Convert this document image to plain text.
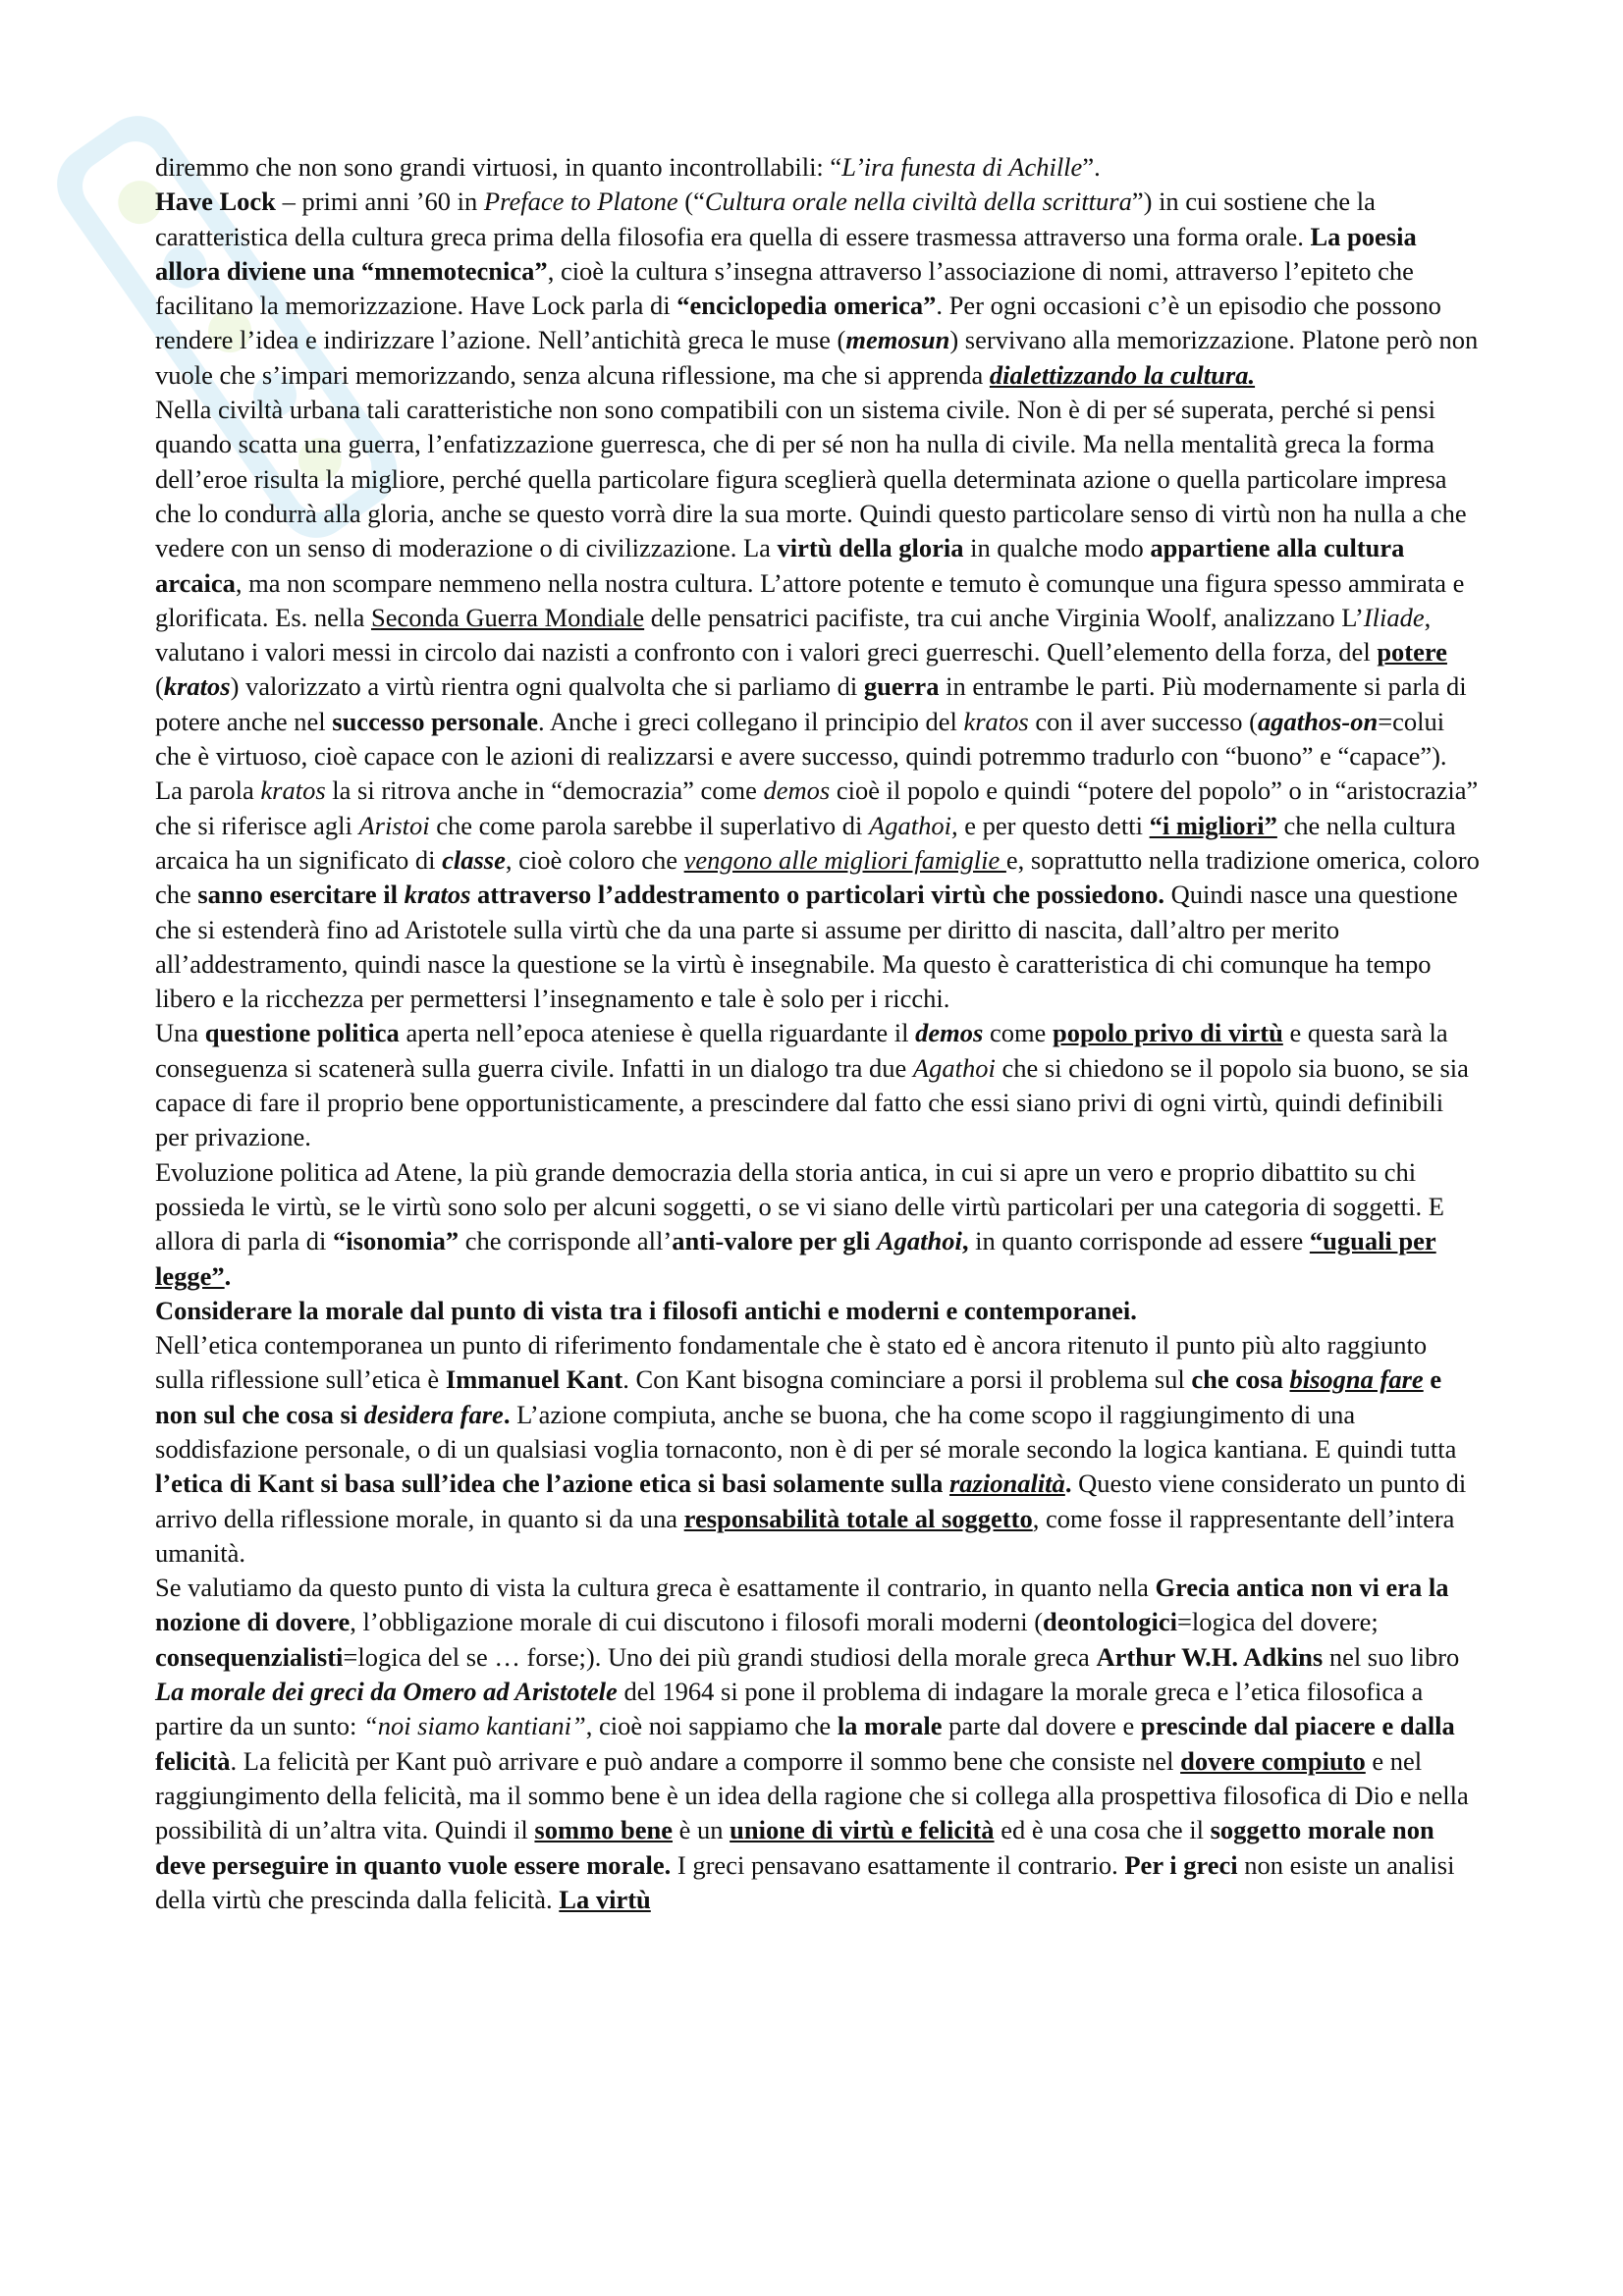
diremmo che non sono grandi virtuosi, in quanto incontrollabili: “L’ira funesta di Achille”.

Have Lock – primi anni ’60 in Preface to Platone (“Cultura orale nella civiltà della scrittura”) in cui sostiene che la caratteristica della cultura greca prima della filosofia era quella di essere trasmessa attraverso una forma orale. La poesia allora diviene una “mnemotecnica”, cioè la cultura s’insegna attraverso l’associazione di nomi, attraverso l’epiteto che facilitano la memorizzazione. Have Lock parla di “enciclopedia omerica”. Per ogni occasioni c’è un episodio che possono rendere l’idea e indirizzare l’azione. Nell’antichità greca le muse (memosun) servivano alla memorizzazione. Platone però non vuole che s’impari memorizzando, senza alcuna riflessione, ma che si apprenda dialettizzando la cultura.

Nella civiltà urbana tali caratteristiche non sono compatibili con un sistema civile. Non è di per sé superata, perché si pensi quando scatta una guerra, l’enfatizzazione guerresca, che di per sé non ha nulla di civile. Ma nella mentalità greca la forma dell’eroe risulta la migliore, perché quella particolare figura sceglierà quella determinata azione o quella particolare impresa che lo condurrà alla gloria, anche se questo vorrà dire la sua morte. Quindi questo particolare senso di virtù non ha nulla a che vedere con un senso di moderazione o di civilizzazione. La virtù della gloria in qualche modo appartiene alla cultura arcaica, ma non scompare nemmeno nella nostra cultura. L’attore potente e temuto è comunque una figura spesso ammirata e glorificata. Es. nella Seconda Guerra Mondiale delle pensatrici pacifiste, tra cui anche Virginia Woolf, analizzano L’Iliade, valutano i valori messi in circolo dai nazisti a confronto con i valori greci guerreschi. Quell’elemento della forza, del potere (kratos) valorizzato a virtù rientra ogni qualvolta che si parliamo di guerra in entrambe le parti. Più modernamente si parla di potere anche nel successo personale. Anche i greci collegano il principio del kratos con il aver successo (agathos-on=colui che è virtuoso, cioè capace con le azioni di realizzarsi e avere successo, quindi potremmo tradurlo con “buono” e “capace”). La parola kratos la si ritrova anche in “democrazia” come demos cioè il popolo e quindi “potere del popolo” o in “aristocrazia” che si riferisce agli Aristoi che come parola sarebbe il superlativo di Agathoi, e per questo detti “i migliori” che nella cultura arcaica ha un significato di classe, cioè coloro che vengono alle migliori famiglie e, soprattutto nella tradizione omerica, coloro che sanno esercitare il kratos attraverso l’addestramento o particolari virtù che possiedono. Quindi nasce una questione che si estenderà fino ad Aristotele sulla virtù che da una parte si assume per diritto di nascita, dall’altro per merito all’addestramento, quindi nasce la questione se la virtù è insegnabile. Ma questo è caratteristica di chi comunque ha tempo libero e la ricchezza per permettersi l’insegnamento e tale è solo per i ricchi.

Una questione politica aperta nell’epoca ateniese è quella riguardante il demos come popolo privo di virtù e questa sarà la conseguenza si scatenerà sulla guerra civile. Infatti in un dialogo tra due Agathoi che si chiedono se il popolo sia buono, se sia capace di fare il proprio bene opportunisticamente, a prescindere dal fatto che essi siano privi di ogni virtù, quindi definibili per privazione.

Evoluzione politica ad Atene, la più grande democrazia della storia antica, in cui si apre un vero e proprio dibattito su chi possieda le virtù, se le virtù sono solo per alcuni soggetti, o se vi siano delle virtù particolari per una categoria di soggetti. E allora di parla di “isonomia” che corrisponde all’anti-valore per gli Agathoi, in quanto corrisponde ad essere “uguali per legge”.

Considerare la morale dal punto di vista tra i filosofi antichi e moderni e contemporanei.

Nell’etica contemporanea un punto di riferimento fondamentale che è stato ed è ancora ritenuto il punto più alto raggiunto sulla riflessione sull’etica è Immanuel Kant. Con Kant bisogna cominciare a porsi il problema sul che cosa bisogna fare e non sul che cosa si desidera fare. L’azione compiuta, anche se buona, che ha come scopo il raggiungimento di una soddisfazione personale, o di un qualsiasi voglia tornaconto, non è di per sé morale secondo la logica kantiana. E quindi tutta l’etica di Kant si basa sull’idea che l’azione etica si basi solamente sulla razionalità. Questo viene considerato un punto di arrivo della riflessione morale, in quanto si da una responsabilità totale al soggetto, come fosse il rappresentante dell’intera umanità.

Se valutiamo da questo punto di vista la cultura greca è esattamente il contrario, in quanto nella Grecia antica non vi era la nozione di dovere, l’obbligazione morale di cui discutono i filosofi morali moderni (deontologici=logica del dovere; consequenzialisti=logica del se … forse;). Uno dei più grandi studiosi della morale greca Arthur W.H. Adkins nel suo libro La morale dei greci da Omero ad Aristotele del 1964 si pone il problema di indagare la morale greca e l’etica filosofica a partire da un sunto: “noi siamo kantiani”, cioè noi sappiamo che la morale parte dal dovere e prescinde dal piacere e dalla felicità. La felicità per Kant può arrivare e può andare a comporre il sommo bene che consiste nel dovere compiuto e nel raggiungimento della felicità, ma il sommo bene è un idea della ragione che si collega alla prospettiva filosofica di Dio e nella possibilità di un’altra vita. Quindi il sommo bene è un unione di virtù e felicità ed è una cosa che il soggetto morale non deve perseguire in quanto vuole essere morale. I greci pensavano esattamente il contrario. Per i greci non esiste un analisi della virtù che prescinda dalla felicità. La virtù
